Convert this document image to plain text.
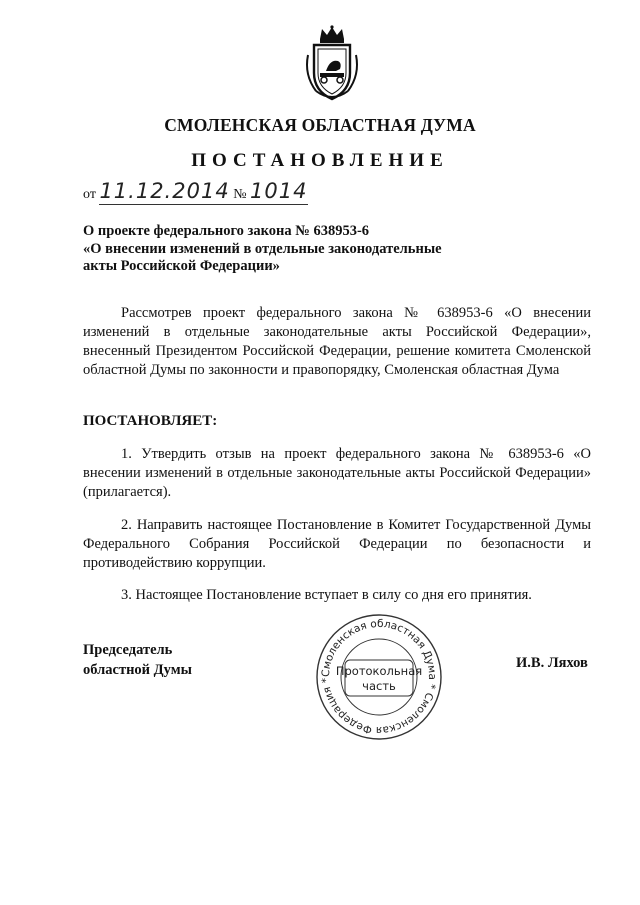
СМОЛЕНСКАЯ ОБЛАСТНАЯ ДУМА
ПОСТАНОВЛЕНИЕ
от 11.12.2014 № 1014
О проекте федерального закона № 638953-6
«О внесении изменений в отдельные законодательные
акты Российской Федерации»
Рассмотрев проект федерального закона № 638953-6 «О внесении изменений в отдельные законодательные акты Российской Федерации», внесенный Президентом Российской Федерации, решение комитета Смоленской областной Думы по законности и правопорядку, Смоленская областная Дума
ПОСТАНОВЛЯЕТ:
1. Утвердить отзыв на проект федерального закона № 638953-6 «О внесении изменений в отдельные законодательные акты Российской Федерации» (прилагается).
2. Направить настоящее Постановление в Комитет Государственной Думы Федерального Собрания Российской Федерации по безопасности и противодействию коррупции.
3. Настоящее Постановление вступает в силу со дня его принятия.
Председатель
областной Думы	И.В. Ляхов
Смоленская областная Дума * Смоленская Федерация *
Протокольная
часть
